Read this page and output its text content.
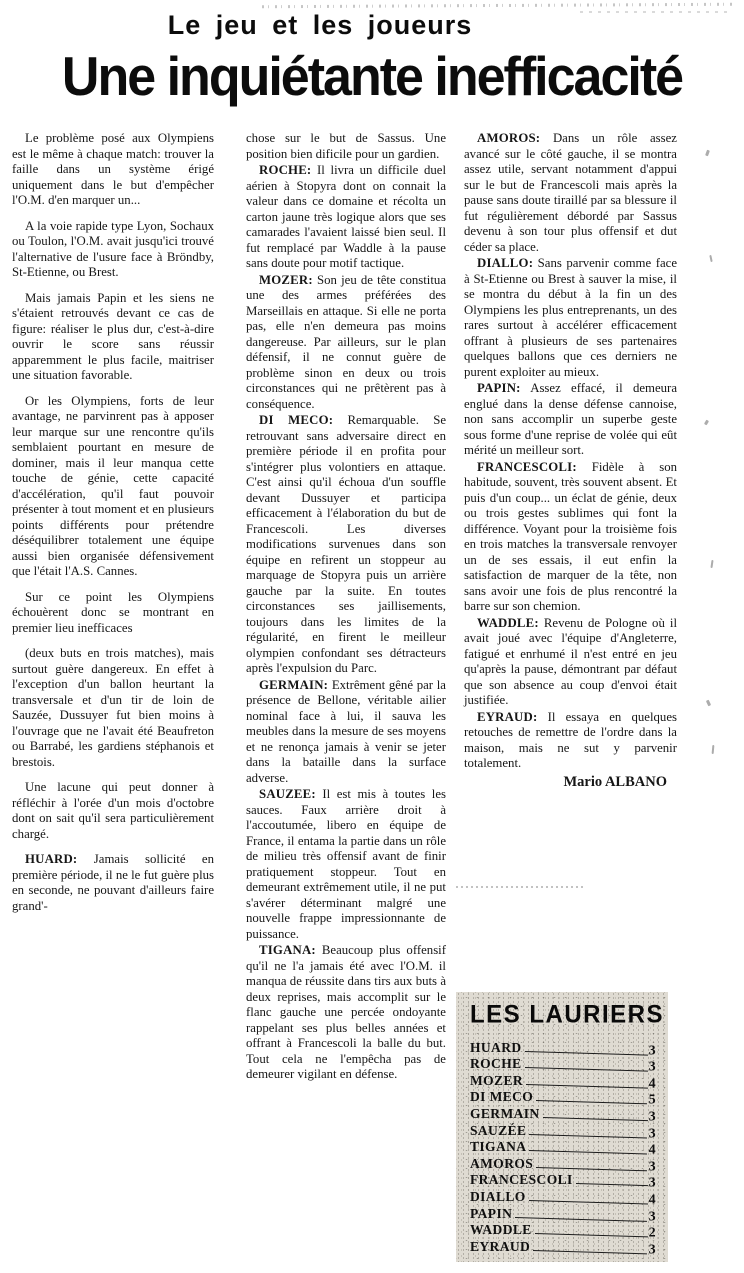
Le jeu et les joueurs
Une inquiétante inefficacité

Le problème posé aux Olympiens est le même à chaque match: trouver la faille dans un système érigé uniquement dans le but d'empêcher l'O.M. d'en marquer un...

A la voie rapide type Lyon, Sochaux ou Toulon, l'O.M. avait jusqu'ici trouvé l'alternative de l'usure face à Bröndby, St-Etienne, ou Brest.

Mais jamais Papin et les siens ne s'étaient retrouvés devant ce cas de figure: réaliser le plus dur, c'est-à-dire ouvrir le score sans réussir apparemment le plus facile, maitriser une situation favorable.

Or les Olympiens, forts de leur avantage, ne parvinrent pas à apposer leur marque sur une rencontre qu'ils semblaient pourtant en mesure de dominer, mais il leur manqua cette touche de génie, cette capacité d'accélération, qu'il faut pouvoir présenter à tout moment et en plusieurs points différents pour prétendre déséquilibrer totalement une équipe aussi bien organisée défensivement que l'était l'A.S. Cannes.

Sur ce point les Olympiens échouèrent donc se montrant en premier lieu inefficaces

(deux buts en trois matches), mais surtout guère dangereux. En effet à l'exception d'un ballon heurtant la transversale et d'un tir de loin de Sauzée, Dussuyer fut bien moins à l'ouvrage que ne l'avait été Beaufreton ou Barrabé, les gardiens stéphanois et brestois.

Une lacune qui peut donner à réfléchir à l'orée d'un mois d'octobre dont on sait qu'il sera particulièrement chargé.

HUARD: Jamais sollicité en première période, il ne le fut guère plus en seconde, ne pouvant d'ailleurs faire grand'-

chose sur le but de Sassus. Une position bien dificile pour un gardien.

ROCHE: Il livra un difficile duel aérien à Stopyra dont on connait la valeur dans ce domaine et récolta un carton jaune très logique alors que ses camarades l'avaient laissé bien seul. Il fut remplacé par Waddle à la pause sans doute pour motif tactique.

MOZER: Son jeu de tête constitua une des armes préférées des Marseillais en attaque. Si elle ne porta pas, elle n'en demeura pas moins dangereuse. Par ailleurs, sur le plan défensif, il ne connut guère de problème sinon en deux ou trois circonstances qui ne prêtèrent pas à conséquence.

DI MECO: Remarquable. Se retrouvant sans adversaire direct en première période il en profita pour s'intégrer plus volontiers en attaque. C'est ainsi qu'il échoua d'un souffle devant Dussuyer et participa efficacement à l'élaboration du but de Francescoli. Les diverses modifications survenues dans son équipe en refirent un stoppeur au marquage de Stopyra puis un arrière gauche par la suite. En toutes circonstances ses jaillisements, toujours dans les limites de la régularité, en firent le meilleur olympien confondant ses détracteurs après l'expulsion du Parc.

GERMAIN: Extrêment gêné par la présence de Bellone, véritable ailier nominal face à lui, il sauva les meubles dans la mesure de ses moyens et ne renonça jamais à venir se jeter dans la bataille dans la surface adverse.

SAUZEE: Il est mis à toutes les sauces. Faux arrière droit à l'accoutumée, libero en équipe de France, il entama la partie dans un rôle de milieu très offensif avant de finir pratiquement stoppeur. Tout en demeurant extrêmement utile, il ne put s'avérer déterminant malgré une nouvelle frappe impressionnante de puissance.

TIGANA: Beaucoup plus offensif qu'il ne l'a jamais été avec l'O.M. il manqua de réussite dans tirs aux buts à deux reprises, mais accomplit sur le flanc gauche une percée ondoyante rappelant ses plus belles années et offrant à Francescoli la balle du but. Tout cela ne l'empêcha pas de demeurer vigilant en défense.

AMOROS: Dans un rôle assez avancé sur le côté gauche, il se montra assez utile, servant notamment d'appui sur le but de Francescoli mais après la pause sans doute tiraillé par sa blessure il fut régulièrement débordé par Sassus devenu à son tour plus offensif et dut céder sa place.

DIALLO: Sans parvenir comme face à St-Etienne ou Brest à sauver la mise, il se montra du début à la fin un des Olympiens les plus entreprenants, un des rares surtout à accélérer efficacement offrant à plusieurs de ses partenaires quelques ballons que ces derniers ne purent exploiter au mieux.

PAPIN: Assez effacé, il demeura englué dans la dense défense cannoise, non sans accomplir un superbe geste sous forme d'une reprise de volée qui eût mérité un meilleur sort.

FRANCESCOLI: Fidèle à son habitude, souvent, très souvent absent. Et puis d'un coup... un éclat de génie, deux ou trois gestes sublimes qui font la différence. Voyant pour la troisième fois en trois matches la transversale renvoyer un de ses essais, il eut enfin la satisfaction de marquer de la tête, non sans avoir une fois de plus rencontré la barre sur son chemion.

WADDLE: Revenu de Pologne où il avait joué avec l'équipe d'Angleterre, fatigué et enrhumé il n'est entré en jeu qu'après la pause, démontrant par défaut que son absence au coup d'envoi était justifiée.

EYRAUD: Il essaya en quelques retouches de remettre de l'ordre dans la maison, mais ne sut y parvenir totalement.

Mario ALBANO
LES LAURIERS
HUARD	3
ROCHE	3
MOZER	4
DI MECO	5
GERMAIN	3
SAUZÉE	3
TIGANA	4
AMOROS	3
FRANCESCOLI	3
DIALLO	4
PAPIN	3
WADDLE	2
EYRAUD	3
